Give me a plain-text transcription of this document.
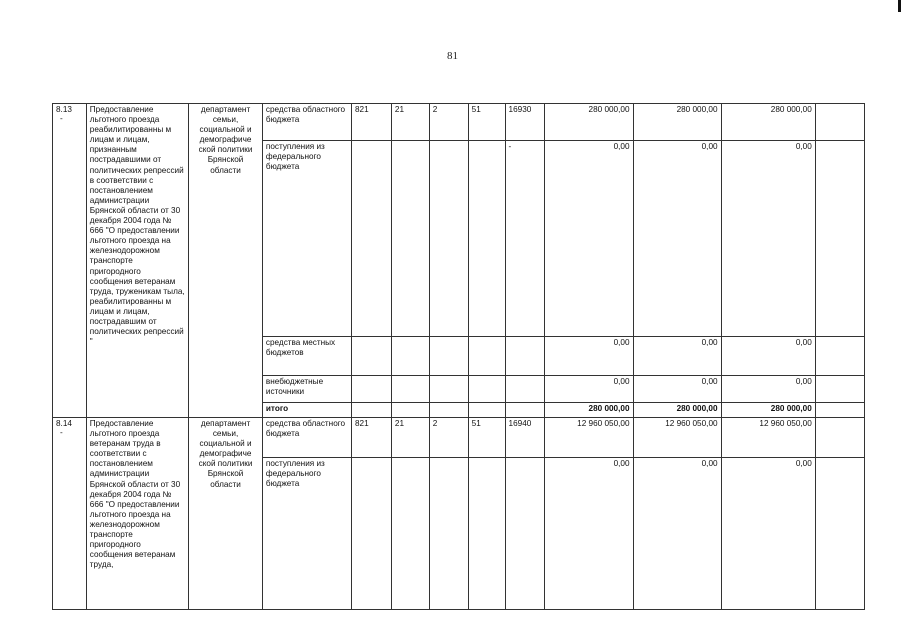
81
8.13
-	Предоставление льготного проезда реабилитированны м лицам и лицам, признанным пострадавшими от политических репрессий в соответствии с постановлением администрации Брянской области от 30 декабря 2004 года № 666 "О предоставлении льготного проезда на железнодорожном транспорте пригородного сообщения ветеранам труда, труженикам тыла, реабилитированны м лицам и лицам, пострадавшим от политических репрессий "	департамент семьи, социальной и демографиче ской политики Брянской области	средства областного бюджета	821	21	2	51	16930	280 000,00	280 000,00	280 000,00	
			поступления из федерального бюджета					-	0,00	0,00	0,00	
			средства местных бюджетов						0,00	0,00	0,00	
			внебюджетные источники						0,00	0,00	0,00	
			итого						280 000,00	280 000,00	280 000,00	
8.14
-	Предоставление льготного проезда ветеранам труда в соответствии с постановлением администрации Брянской области от 30 декабря 2004 года № 666 "О предоставлении льготного проезда на железнодорожном транспорте пригородного сообщения ветеранам труда,	департамент семьи, социальной и демографиче ской политики Брянской области	средства областного бюджета	821	21	2	51	16940	12 960 050,00	12 960 050,00	12 960 050,00	
			поступления из федерального бюджета						0,00	0,00	0,00	
